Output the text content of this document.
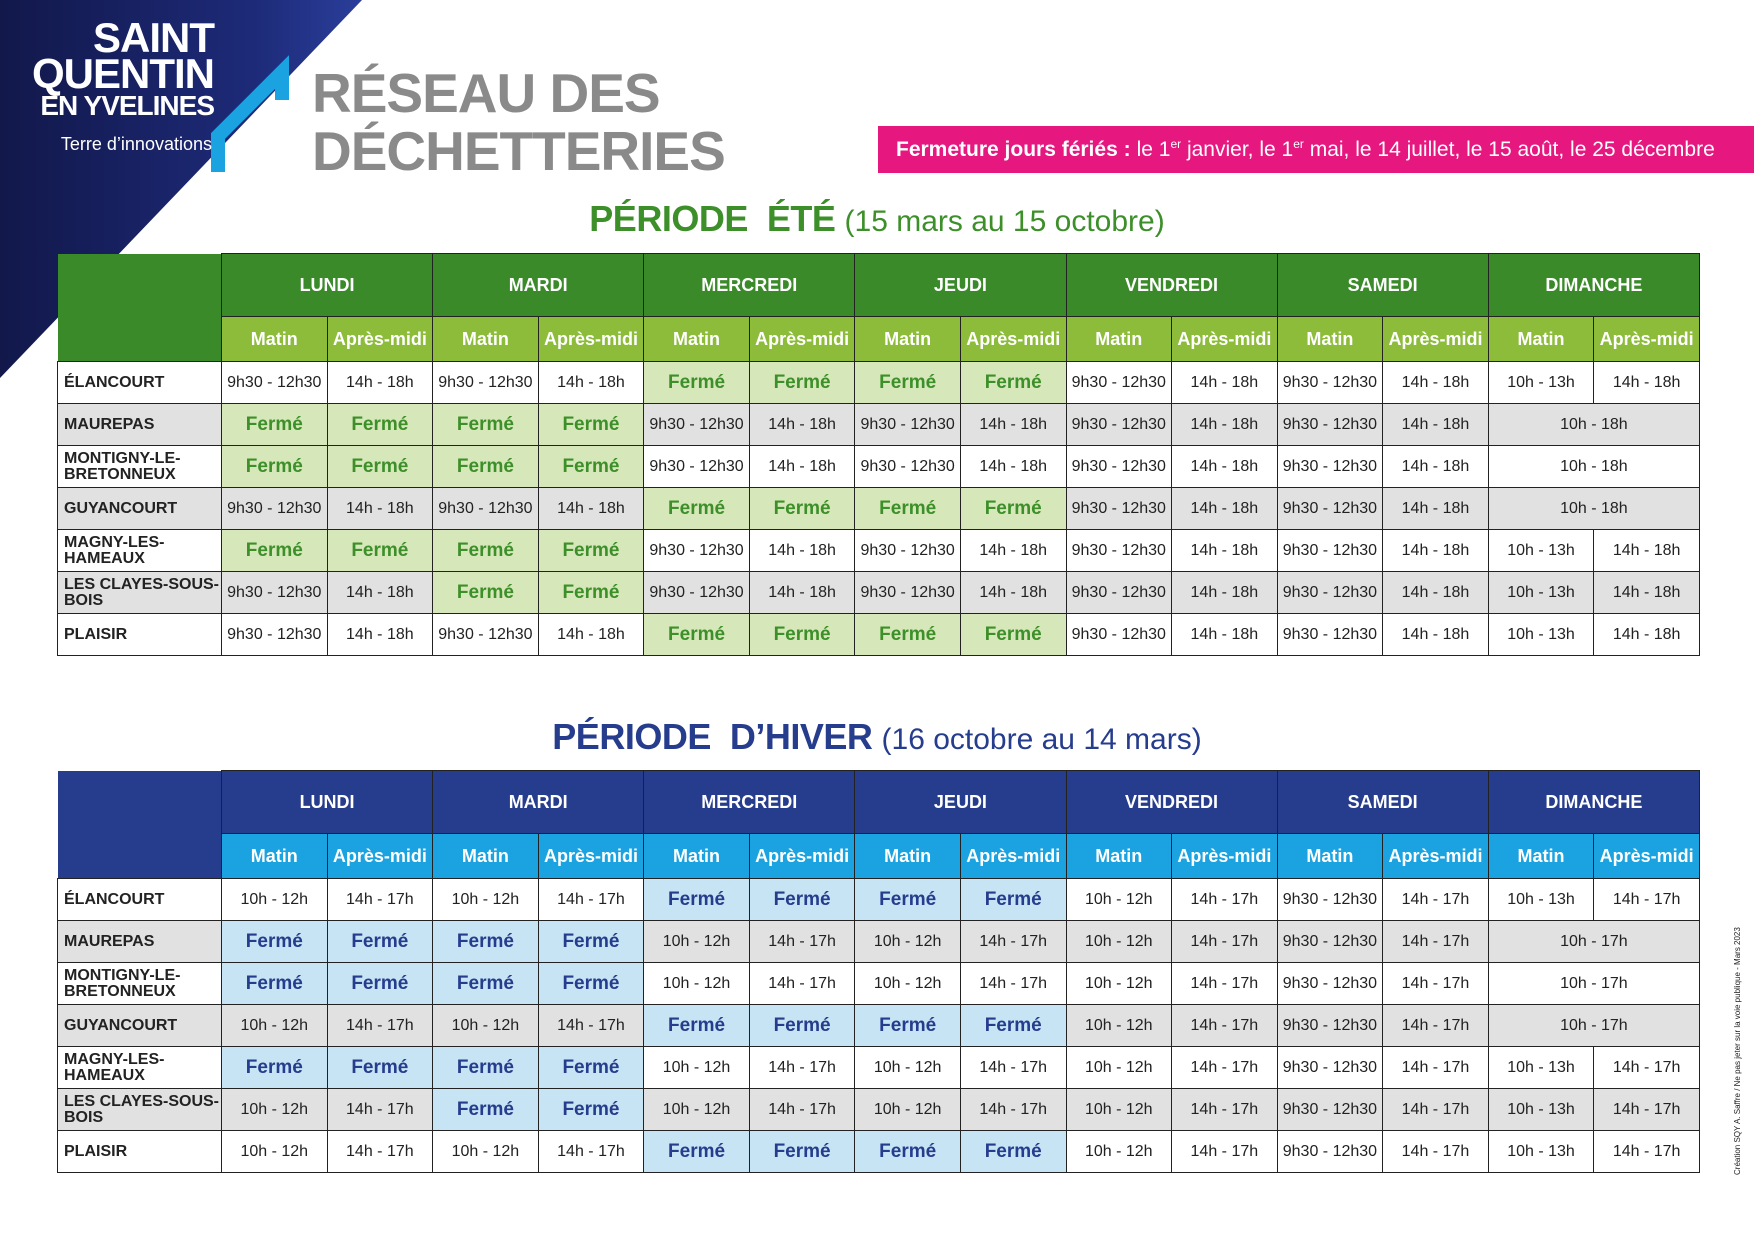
SAINT
QUENTIN
EN YVELINES
Terre d’innovations
RÉSEAU DES
DÉCHETTERIES	Fermeture jours fériés : le 1er janvier, le 1er mai, le 14 juillet, le 15 août, le 25 décembre
PÉRIODE  ÉTÉ (15 mars au 15 octobre)
	LUNDI		MARDI		MERCREDI		JEUDI		VENDREDI		SAMEDI		DIMANCHE	
	Matin	Après-midi	Matin	Après-midi	Matin	Après-midi	Matin	Après-midi	Matin	Après-midi	Matin	Après-midi	Matin	Après-midi
ÉLANCOURT	9h30 - 12h30	14h - 18h	9h30 - 12h30	14h - 18h	Fermé	Fermé	Fermé	Fermé	9h30 - 12h30	14h - 18h	9h30 - 12h30	14h - 18h	10h - 13h	14h - 18h
MAUREPAS	Fermé	Fermé	Fermé	Fermé	9h30 - 12h30	14h - 18h	9h30 - 12h30	14h - 18h	9h30 - 12h30	14h - 18h	9h30 - 12h30	14h - 18h	10h - 18h	
MONTIGNY-LE-BRETONNEUX	Fermé	Fermé	Fermé	Fermé	9h30 - 12h30	14h - 18h	9h30 - 12h30	14h - 18h	9h30 - 12h30	14h - 18h	9h30 - 12h30	14h - 18h	10h - 18h	
GUYANCOURT	9h30 - 12h30	14h - 18h	9h30 - 12h30	14h - 18h	Fermé	Fermé	Fermé	Fermé	9h30 - 12h30	14h - 18h	9h30 - 12h30	14h - 18h	10h - 18h	
MAGNY-LES-HAMEAUX	Fermé	Fermé	Fermé	Fermé	9h30 - 12h30	14h - 18h	9h30 - 12h30	14h - 18h	9h30 - 12h30	14h - 18h	9h30 - 12h30	14h - 18h	10h - 13h	14h - 18h
LES CLAYES-SOUS-BOIS	9h30 - 12h30	14h - 18h	Fermé	Fermé	9h30 - 12h30	14h - 18h	9h30 - 12h30	14h - 18h	9h30 - 12h30	14h - 18h	9h30 - 12h30	14h - 18h	10h - 13h	14h - 18h
PLAISIR	9h30 - 12h30	14h - 18h	9h30 - 12h30	14h - 18h	Fermé	Fermé	Fermé	Fermé	9h30 - 12h30	14h - 18h	9h30 - 12h30	14h - 18h	10h - 13h	14h - 18h
PÉRIODE  D’HIVER (16 octobre au 14 mars)
	LUNDI		MARDI		MERCREDI		JEUDI		VENDREDI		SAMEDI		DIMANCHE	
	Matin	Après-midi	Matin	Après-midi	Matin	Après-midi	Matin	Après-midi	Matin	Après-midi	Matin	Après-midi	Matin	Après-midi
ÉLANCOURT	10h - 12h	14h - 17h	10h - 12h	14h - 17h	Fermé	Fermé	Fermé	Fermé	10h - 12h	14h - 17h	9h30 - 12h30	14h - 17h	10h - 13h	14h - 17h
MAUREPAS	Fermé	Fermé	Fermé	Fermé	10h - 12h	14h - 17h	10h - 12h	14h - 17h	10h - 12h	14h - 17h	9h30 - 12h30	14h - 17h	10h - 17h	
MONTIGNY-LE-BRETONNEUX	Fermé	Fermé	Fermé	Fermé	10h - 12h	14h - 17h	10h - 12h	14h - 17h	10h - 12h	14h - 17h	9h30 - 12h30	14h - 17h	10h - 17h	
GUYANCOURT	10h - 12h	14h - 17h	10h - 12h	14h - 17h	Fermé	Fermé	Fermé	Fermé	10h - 12h	14h - 17h	9h30 - 12h30	14h - 17h	10h - 17h	
MAGNY-LES-HAMEAUX	Fermé	Fermé	Fermé	Fermé	10h - 12h	14h - 17h	10h - 12h	14h - 17h	10h - 12h	14h - 17h	9h30 - 12h30	14h - 17h	10h - 13h	14h - 17h
LES CLAYES-SOUS-BOIS	10h - 12h	14h - 17h	Fermé	Fermé	10h - 12h	14h - 17h	10h - 12h	14h - 17h	10h - 12h	14h - 17h	9h30 - 12h30	14h - 17h	10h - 13h	14h - 17h
PLAISIR	10h - 12h	14h - 17h	10h - 12h	14h - 17h	Fermé	Fermé	Fermé	Fermé	10h - 12h	14h - 17h	9h30 - 12h30	14h - 17h	10h - 13h	14h - 17h	Création SQY A. Saffre / Ne pas jeter sur la voie publique - Mars 2023
